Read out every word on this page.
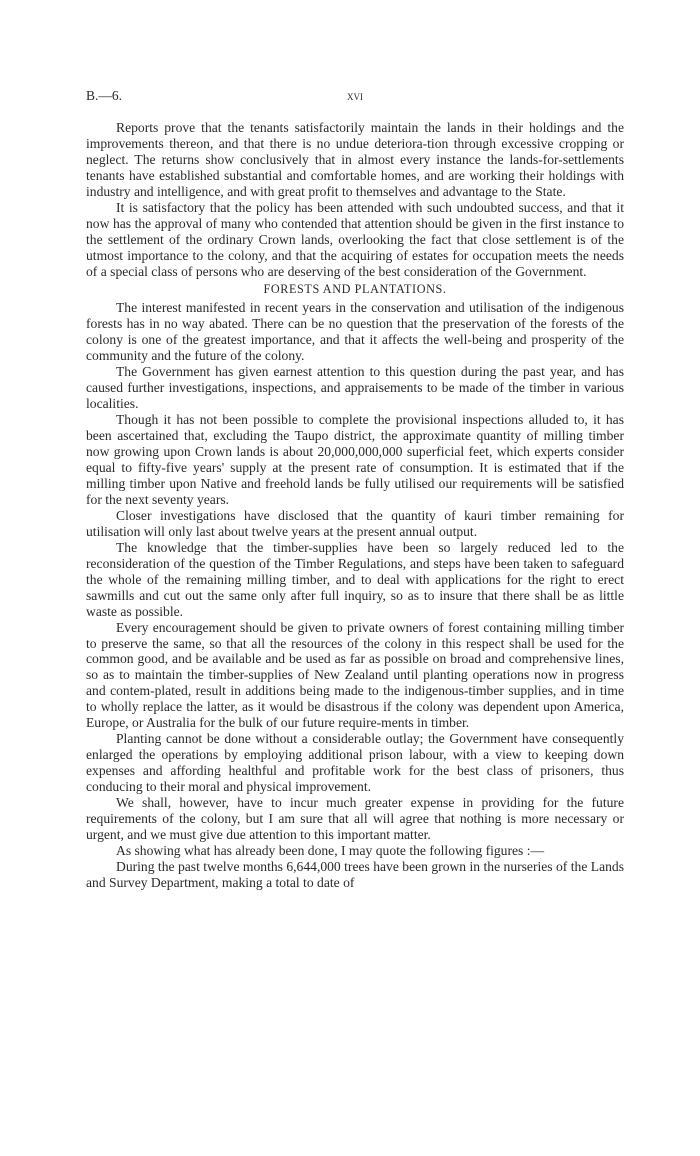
B.—6.	xvi

Reports prove that the tenants satisfactorily maintain the lands in their holdings and the improvements thereon, and that there is no undue deteriora-tion through excessive cropping or neglect. The returns show conclusively that in almost every instance the lands-for-settlements tenants have established substantial and comfortable homes, and are working their holdings with industry and intelligence, and with great profit to themselves and advantage to the State.

It is satisfactory that the policy has been attended with such undoubted success, and that it now has the approval of many who contended that attention should be given in the first instance to the settlement of the ordinary Crown lands, overlooking the fact that close settlement is of the utmost importance to the colony, and that the acquiring of estates for occupation meets the needs of a special class of persons who are deserving of the best consideration of the Government.

FORESTS AND PLANTATIONS.

The interest manifested in recent years in the conservation and utilisation of the indigenous forests has in no way abated. There can be no question that the preservation of the forests of the colony is one of the greatest importance, and that it affects the well-being and prosperity of the community and the future of the colony.

The Government has given earnest attention to this question during the past year, and has caused further investigations, inspections, and appraisements to be made of the timber in various localities.

Though it has not been possible to complete the provisional inspections alluded to, it has been ascertained that, excluding the Taupo district, the approximate quantity of milling timber now growing upon Crown lands is about 20,000,000,000 superficial feet, which experts consider equal to fifty-five years' supply at the present rate of consumption. It is estimated that if the milling timber upon Native and freehold lands be fully utilised our requirements will be satisfied for the next seventy years.

Closer investigations have disclosed that the quantity of kauri timber remaining for utilisation will only last about twelve years at the present annual output.

The knowledge that the timber-supplies have been so largely reduced led to the reconsideration of the question of the Timber Regulations, and steps have been taken to safeguard the whole of the remaining milling timber, and to deal with applications for the right to erect sawmills and cut out the same only after full inquiry, so as to insure that there shall be as little waste as possible.

Every encouragement should be given to private owners of forest containing milling timber to preserve the same, so that all the resources of the colony in this respect shall be used for the common good, and be available and be used as far as possible on broad and comprehensive lines, so as to maintain the timber-supplies of New Zealand until planting operations now in progress and contem-plated, result in additions being made to the indigenous-timber supplies, and in time to wholly replace the latter, as it would be disastrous if the colony was dependent upon America, Europe, or Australia for the bulk of our future require-ments in timber.

Planting cannot be done without a considerable outlay; the Government have consequently enlarged the operations by employing additional prison labour, with a view to keeping down expenses and affording healthful and profitable work for the best class of prisoners, thus conducing to their moral and physical improvement.

We shall, however, have to incur much greater expense in providing for the future requirements of the colony, but I am sure that all will agree that nothing is more necessary or urgent, and we must give due attention to this important matter.

As showing what has already been done, I may quote the following figures :—

During the past twelve months 6,644,000 trees have been grown in the nurseries of the Lands and Survey Department, making a total to date of
